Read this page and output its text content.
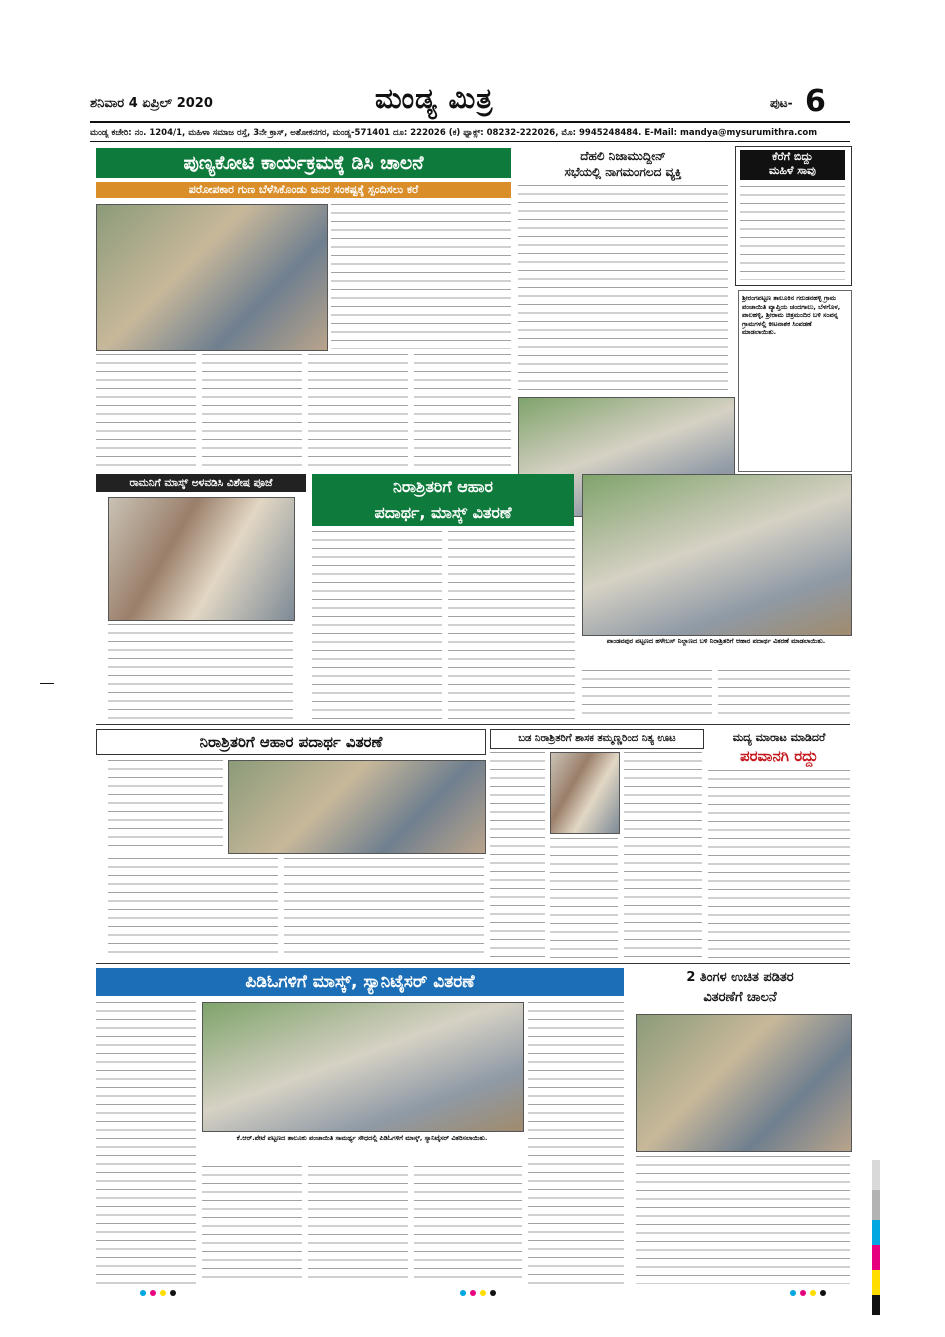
ಶನಿವಾರ 4 ಏಪ್ರಿಲ್ 2020	ಮಂಡ್ಯ ಮಿತ್ರ	ಪುಟ- 6
ಮಂಡ್ಯ ಕಚೇರಿ: ನಂ. 1204/1, ಮಹಿಳಾ ಸಮಾಜ ರಸ್ತೆ, 3ನೇ ಕ್ರಾಸ್, ಅಶೋಕನಗರ, ಮಂಡ್ಯ-571401 ದೂ: 222026 (ಕ) ಫ್ಯಾಕ್ಸ್: 08232-222026, ಮೊ: 9945248484. E-Mail: mandya@mysurumithra.com
ಪುಣ್ಯಕೋಟಿ ಕಾರ್ಯಕ್ರಮಕ್ಕೆ ಡಿಸಿ ಚಾಲನೆ
ಪರೋಪಕಾರ ಗುಣ ಬೆಳೆಸಿಕೊಂಡು ಜನರ ಸಂಕಷ್ಟಕ್ಕೆ ಸ್ಪಂದಿಸಲು ಕರೆ
ದೆಹಲಿ ನಿಜಾಮುದ್ದೀನ್
ಸಭೆಯಲ್ಲಿ ನಾಗಮಂಗಲದ ವ್ಯಕ್ತಿ
ಕೆರೆಗೆ ಬಿದ್ದು
ಮಹಿಳೆ ಸಾವು
ಶ್ರೀರಂಗಪಟ್ಟಣ ತಾಲೂಕಿನ ಗರುಡನಹಳ್ಳಿ ಗ್ರಾಮ ಪಂಚಾಯಿತಿ ವ್ಯಾಪ್ತಿಯ ಚಂದಗಾಲು, ಬೆಳಗೊಳ, ಪಾಲಹಳ್ಳಿ, ಶ್ರೀರಾಮ ಚಿತ್ರಮಂದಿರ ಬಳಿ ಸಂಪನ್ನ ಗ್ರಾಮಗಳಲ್ಲಿ ಕೀಟನಾಶಕ ಸಿಂಪಡಣೆ ಮಾಡಲಾಯಿತು.
ರಾಮನಿಗೆ ಮಾಸ್ಕ್ ಅಳವಡಿಸಿ ವಿಶೇಷ ಪೂಜೆ	ನಿರಾಶ್ರಿತರಿಗೆ ಆಹಾರ
ಪದಾರ್ಥ, ಮಾಸ್ಕ್ ವಿತರಣೆ
ಪಾಂಡವಪುರ ಪಟ್ಟಣದ ಹಳೇಬಸ್ ನಿಲ್ದಾಣದ ಬಳಿ ನಿರಾಶ್ರಿತರಿಗೆ ಆಹಾರ ಪದಾರ್ಥ ವಿತರಣೆ ಮಾಡಲಾಯಿತು.
ನಿರಾಶ್ರಿತರಿಗೆ ಆಹಾರ ಪದಾರ್ಥ ವಿತರಣೆ	ಬಡ ನಿರಾಶ್ರಿತರಿಗೆ ಶಾಸಕ ತಮ್ಮಣ್ಣರಿಂದ ನಿತ್ಯ ಊಟ	ಮದ್ಯ ಮಾರಾಟ ಮಾಡಿದರೆ
ಪರವಾನಗಿ ರದ್ದು
ಪಿಡಿಓಗಳಿಗೆ ಮಾಸ್ಕ್, ಸ್ಯಾನಿಟೈಸರ್ ವಿತರಣೆ
ಕೆ.ಆರ್.ಪೇಟೆ ಪಟ್ಟಣದ ತಾಲೂಕು ಪಂಚಾಯಿತಿ ಸಾಮರ್ಥ್ಯ ಸೌಧದಲ್ಲಿ ಪಿಡಿಓಗಳಿಗೆ ಮಾಸ್ಕ್, ಸ್ಯಾನಿಟೈಸರ್ ವಿತರಿಸಲಾಯಿತು.
2 ತಿಂಗಳ ಉಚಿತ ಪಡಿತರ
ವಿತರಣೆಗೆ ಚಾಲನೆ
